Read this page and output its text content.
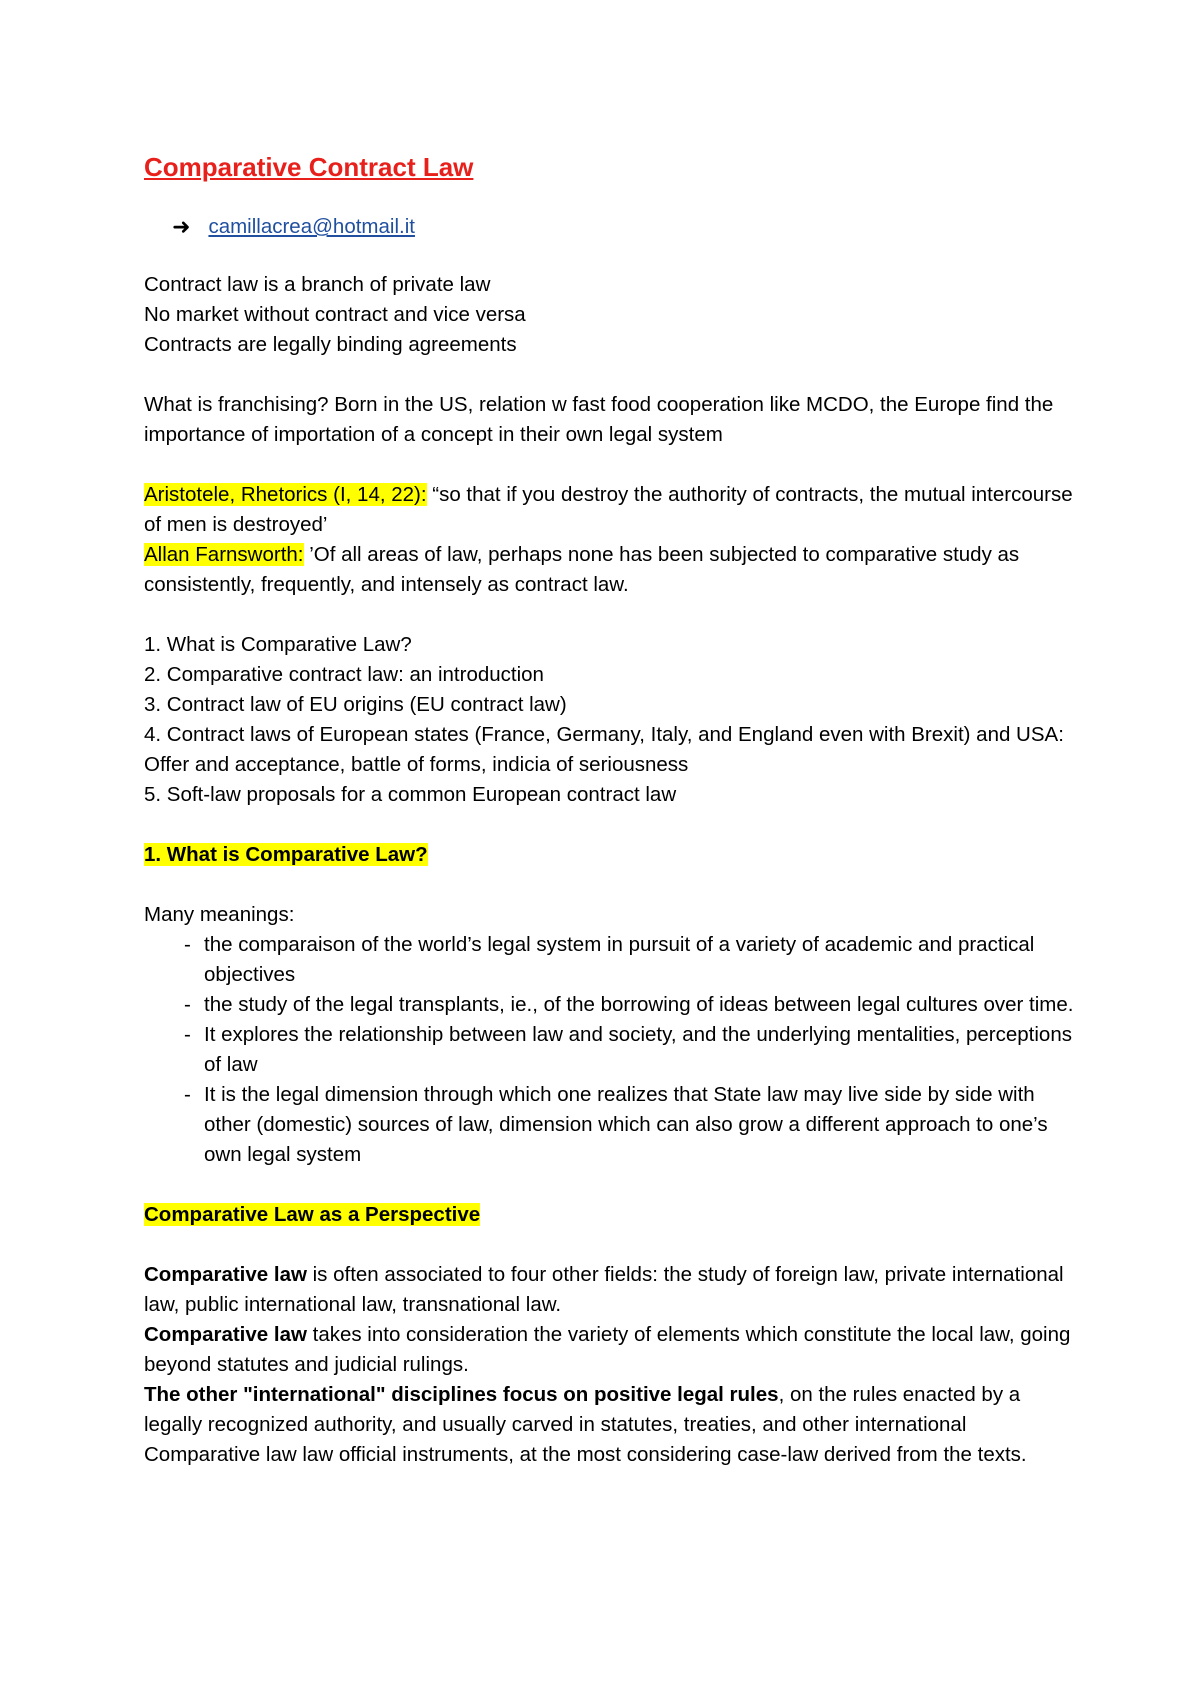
Comparative Contract Law
➜ camillacrea@hotmail.it

Contract law is a branch of private law

No market without contract and vice versa

Contracts are legally binding agreements

What is franchising? Born in the US, relation w fast food cooperation like MCDO, the Europe find the importance of importation of a concept in their own legal system

Aristotele, Rhetorics (I, 14, 22): “so that if you destroy the authority of contracts, the mutual intercourse of men is destroyed’

Allan Farnsworth: ’Of all areas of law, perhaps none has been subjected to comparative study as consistently, frequently, and intensely as contract law.

1. What is Comparative Law?

2. Comparative contract law: an introduction

3. Contract law of EU origins (EU contract law)

4. Contract laws of European states (France, Germany, Italy, and England even with Brexit) and USA: Offer and acceptance, battle of forms, indicia of seriousness

5. Soft-law proposals for a common European contract law

1. What is Comparative Law?

Many meanings:

- the comparaison of the world’s legal system in pursuit of a variety of academic and practical objectives
- the study of the legal transplants, ie., of the borrowing of ideas between legal cultures over time.
- It explores the relationship between law and society, and the underlying mentalities, perceptions of law
- It is the legal dimension through which one realizes that State law may live side by side with other (domestic) sources of law, dimension which can also grow a different approach to one’s own legal system
Comparative Law as a Perspective

Comparative law is often associated to four other fields: the study of foreign law, private international law, public international law, transnational law.

Comparative law takes into consideration the variety of elements which constitute the local law, going beyond statutes and judicial rulings.

The other "international" disciplines focus on positive legal rules, on the rules enacted by a legally recognized authority, and usually carved in statutes, treaties, and other international Comparative law law official instruments, at the most considering case-law derived from the texts.
